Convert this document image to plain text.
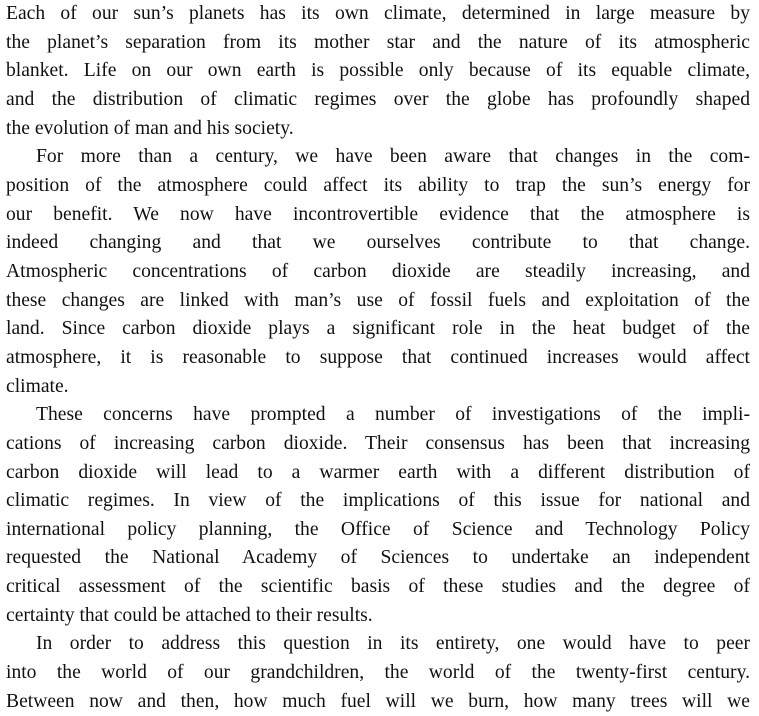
Each of our sun’s planets has its own climate, determined in large measure by
the planet’s separation from its mother star and the nature of its atmospheric
blanket. Life on our own earth is possible only because of its equable climate,
and the distribution of climatic regimes over the globe has profoundly shaped
the evolution of man and his society.
For more than a century, we have been aware that changes in the com-
position of the atmosphere could affect its ability to trap the sun’s energy for
our benefit. We now have incontrovertible evidence that the atmosphere is
indeed changing and that we ourselves contribute to that change.
Atmospheric concentrations of carbon dioxide are steadily increasing, and
these changes are linked with man’s use of fossil fuels and exploitation of the
land. Since carbon dioxide plays a significant role in the heat budget of the
atmosphere, it is reasonable to suppose that continued increases would affect
climate.
These concerns have prompted a number of investigations of the impli-
cations of increasing carbon dioxide. Their consensus has been that increasing
carbon dioxide will lead to a warmer earth with a different distribution of
climatic regimes. In view of the implications of this issue for national and
international policy planning, the Office of Science and Technology Policy
requested the National Academy of Sciences to undertake an independent
critical assessment of the scientific basis of these studies and the degree of
certainty that could be attached to their results.
In order to address this question in its entirety, one would have to peer
into the world of our grandchildren, the world of the twenty-first century.
Between now and then, how much fuel will we burn, how many trees will we
